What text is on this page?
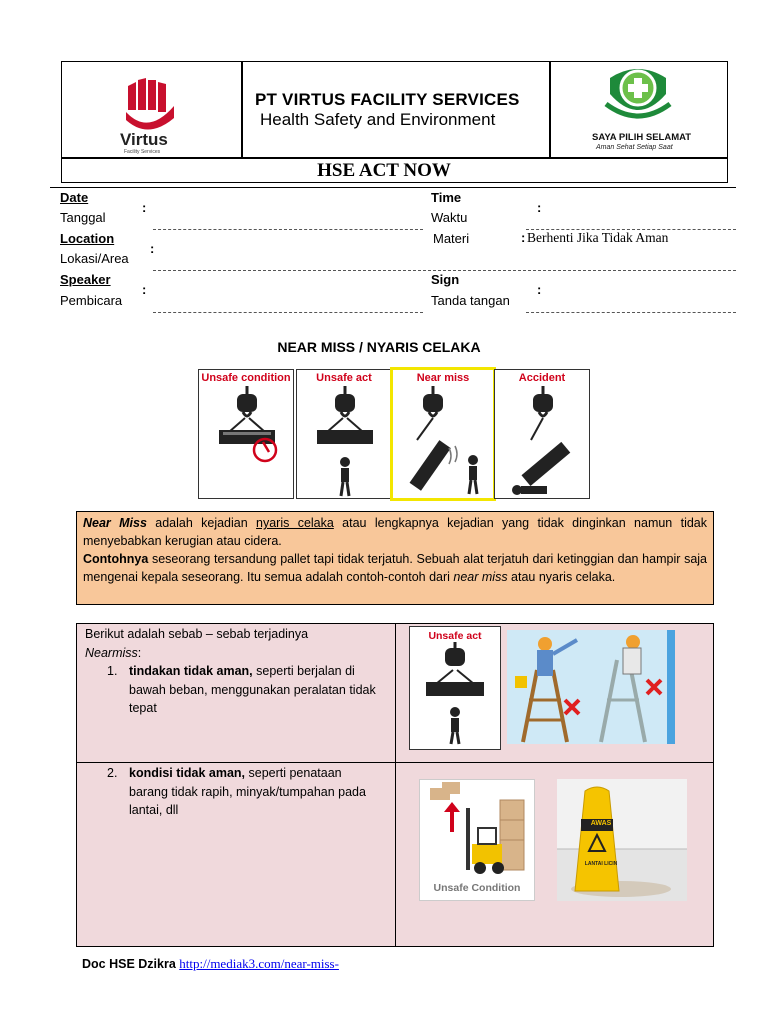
Virtus
Facility Services
PT VIRTUS FACILITY SERVICES
Health Safety and Environment
SAYA PILIH SELAMAT
Aman Sehat Setiap Saat
HSE ACT NOW
Date
Tanggal
:
Time
Waktu
:
Location
Lokasi/Area
:
Materi	: Berhenti Jika Tidak Aman
Speaker
Pembicara
:
Sign
Tanda tangan
:
NEAR MISS / NYARIS CELAKA
Unsafe condition	Unsafe act	Near miss	Accident

Near Miss adalah kejadian nyaris celaka atau lengkapnya kejadian yang tidak dinginkan namun tidak menyebabkan kerugian atau cidera.

Contohnya seseorang tersandung pallet tapi tidak terjatuh. Sebuah alat terjatuh dari ketinggian dan hampir saja mengenai kepala seseorang. Itu semua adalah contoh-contoh dari near miss atau nyaris celaka.

Berikut adalah sebab – sebab terjadinya
Nearmiss:
1. tindakan tidak aman, seperti berjalan di bawah beban, menggunakan peralatan tidak tepat
2. kondisi tidak aman, seperti penataan barang tidak rapih, minyak/tumpahan pada lantai, dll
Unsafe act
Unsafe Condition
AWAS
LANTAI LICIN
Doc HSE Dzikra http://mediak3.com/near-miss-
